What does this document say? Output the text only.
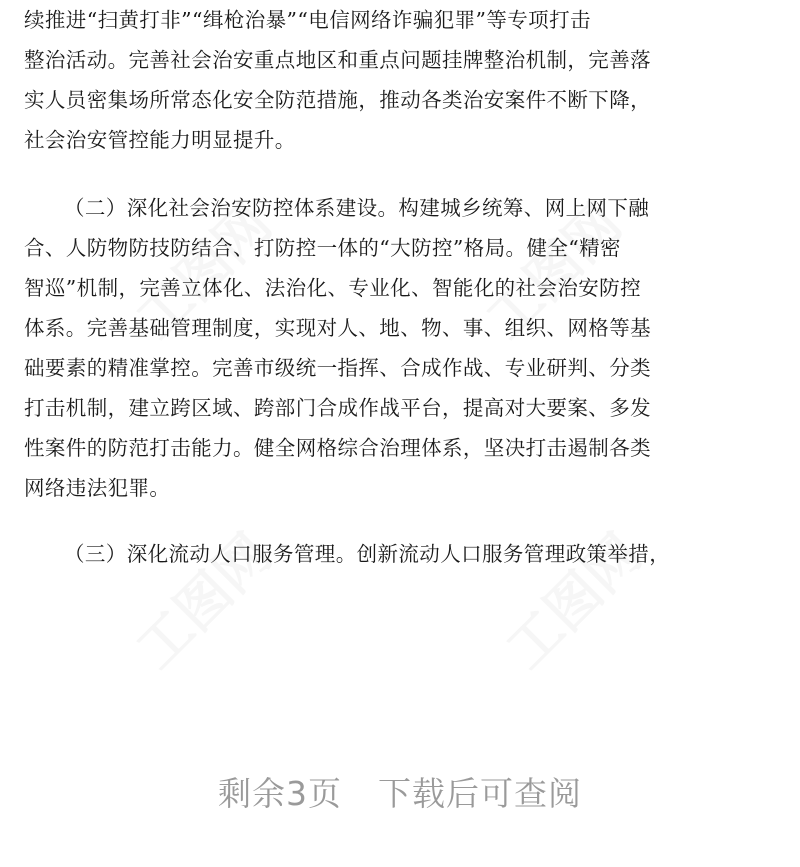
工图网	工图网
工图网	工图网
续推进“扫黄打非”“缉枪治暴”“电信网络诈骗犯罪”等专项打击
整治活动。完善社会治安重点地区和重点问题挂牌整治机制，完善落
实人员密集场所常态化安全防范措施，推动各类治安案件不断下降，
社会治安管控能力明显提升。
（二）深化社会治安防控体系建设。构建城乡统筹、网上网下融
合、人防物防技防结合、打防控一体的“大防控”格局。健全“精密
智巡”机制，完善立体化、法治化、专业化、智能化的社会治安防控
体系。完善基础管理制度，实现对人、地、物、事、组织、网格等基
础要素的精准掌控。完善市级统一指挥、合成作战、专业研判、分类
打击机制，建立跨区域、跨部门合成作战平台，提高对大要案、多发
性案件的防范打击能力。健全网格综合治理体系，坚决打击遏制各类
网络违法犯罪。
（三）深化流动人口服务管理。创新流动人口服务管理政策举措，
剩余3页 下载后可查阅
